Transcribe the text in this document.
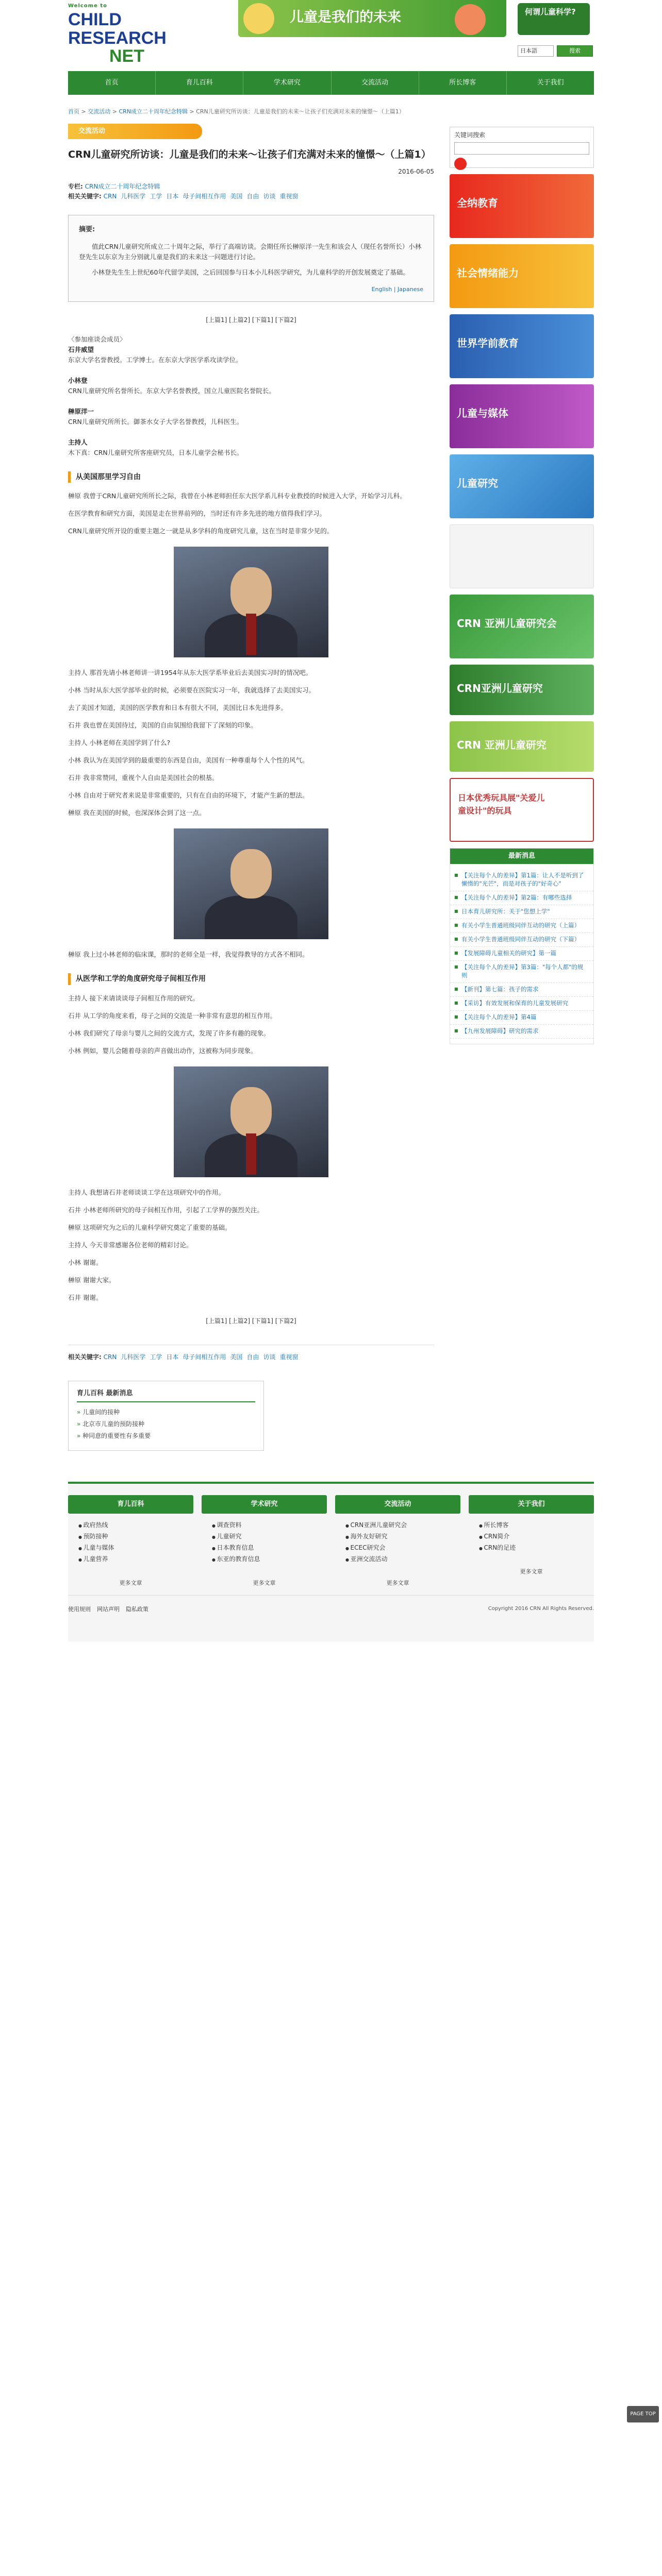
Welcome to
CHILD
RESEARCH
NET
儿童是我们的未来	何谓儿童科学?
日本語	搜索
首页	育儿百科	学术研究	交流活动	所长博客	关于我们
首页 > 交流活动 > CRN成立二十周年纪念特辑 > CRN儿童研究所访谈：儿童是我们的未来〜让孩子们充满对未来的憧憬〜（上篇1）
交流活动
CRN儿童研究所访谈：儿童是我们的未来〜让孩子们充满对未来的憧憬〜（上篇1）
2016-06-05
专栏: CRN成立二十周年纪念特辑
相关关键字: CRN 儿科医学 工学 日本 母子间相互作用 美国 自由 访谈 重视窗
摘要:

值此CRN儿童研究所成立二十周年之际，举行了高端访谈。会期任所长榊原洋一先生和该会人（现任名誉所长）小林登先生以东京为主分别就儿童是我们的未来这一问题进行讨论。

小林登先生生上世纪60年代留学美国，之后回国参与日本小儿科医学研究，为儿童科学的开创发展奠定了基础。

English | Japanese
[上篇1] [上篇2] [下篇1] [下篇2]
〈参加座谈会成员〉
石井威望
东京大学名誉教授。工学博士。在东京大学医学系攻读学位。

小林登
CRN儿童研究所名誉所长。东京大学名誉教授，国立儿童医院名誉院长。

榊原洋一
CRN儿童研究所所长。御茶水女子大学名誉教授，儿科医生。

主持人
木下真：CRN儿童研究所客座研究员，日本儿童学会秘书长。
从美国那里学习自由

榊原 我曾于CRN儿童研究所所长之际，我曾在小林老师担任东大医学系儿科专业教授的时候进入大学，开始学习儿科。

在医学教育和研究方面，美国是走在世界前列的，当时还有许多先进的地方值得我们学习。

CRN儿童研究所开设的重要主题之一就是从多学科的角度研究儿童，这在当时是非常少见的。

主持人 那首先请小林老师讲一讲1954年从东大医学系毕业后去美国实习时的情况吧。

小林 当时从东大医学部毕业的时候，必须要在医院实习一年，我就选择了去美国实习。

去了美国才知道，美国的医学教育和日本有很大不同，美国比日本先进得多。

石井 我也曾在美国待过，美国的自由氛围给我留下了深刻的印象。

主持人 小林老师在美国学到了什么?

小林 我认为在美国学到的最重要的东西是自由，美国有一种尊重每个人个性的风气。

石井 我非常赞同，重视个人自由是美国社会的根基。

小林 自由对于研究者来说是非常重要的，只有在自由的环境下，才能产生新的想法。

榊原 我在美国的时候，也深深体会到了这一点。

榊原 我上过小林老师的临床课，那时的老师全是一样，我觉得教导的方式各不相同。

从医学和工学的角度研究母子间相互作用

主持人 接下来请谈谈母子间相互作用的研究。

石井 从工学的角度来看，母子之间的交流是一种非常有意思的相互作用。

小林 我们研究了母亲与婴儿之间的交流方式，发现了许多有趣的现象。

小林 例如，婴儿会随着母亲的声音做出动作，这被称为同步现象。

主持人 我想请石井老师谈谈工学在这项研究中的作用。

石井 小林老师所研究的母子间相互作用，引起了工学界的强烈关注。

榊原 这项研究为之后的儿童科学研究奠定了重要的基础。

主持人 今天非常感谢各位老师的精彩讨论。

小林 谢谢。

榊原 谢谢大家。

石井 谢谢。

[上篇1] [上篇2] [下篇1] [下篇2]
相关关键字: CRN 儿科医学 工学 日本 母子间相互作用 美国 自由 访谈 重视窗
育儿百科 最新消息
» 儿童间的接种
» 北京市儿童的预防接种
» 种同意的重要性有多重要
关键词搜索

全纳教育
社会情绪能力
世界学前教育
儿童与媒体
儿童研究
CRN 亚洲儿童研究会
CRN亚洲儿童研究
CRN 亚洲儿童研究
日本优秀玩具展"关爱儿童设计"的玩具
最新消息
■ 【关注每个人的差异】第1篇：让人不是听到了懒惰的"光芒"，而是对孩子的"好奇心"
■ 【关注每个人的差异】第2篇：有哪些选择
■ 日本育儿研究所：关于"您想上学"
■ 有关小学生普通班级同伴互动的研究（上篇）
■ 有关小学生普通班级同伴互动的研究（下篇）
■ 【发展障碍儿童相关的研究】第一篇
■ 【关注每个人的差异】第3篇："每个人都"的规则
■ 【新刊】第七篇：孩子的需求
■ 【采访】有效发展和保育的儿童发展研究
■ 【关注每个人的差异】第4篇
■ 【九州发展障碍】研究的需求
育儿百科
● 政府热线
● 预防接种
● 儿童与媒体
● 儿童营养
更多文章
学术研究
● 调查资料
● 儿童研究
● 日本教育信息
● 东亚的教育信息
更多文章
交流活动
● CRN亚洲儿童研究会
● 海外友好研究
● ECEC研究会
● 亚洲交流活动
更多文章
关于我们
● 所长博客
● CRN简介
● CRN的足迹
更多文章
使用规则 网站声明 隐私政策	Copyright 2016 CRN All Rights Reserved.
PAGE TOP
